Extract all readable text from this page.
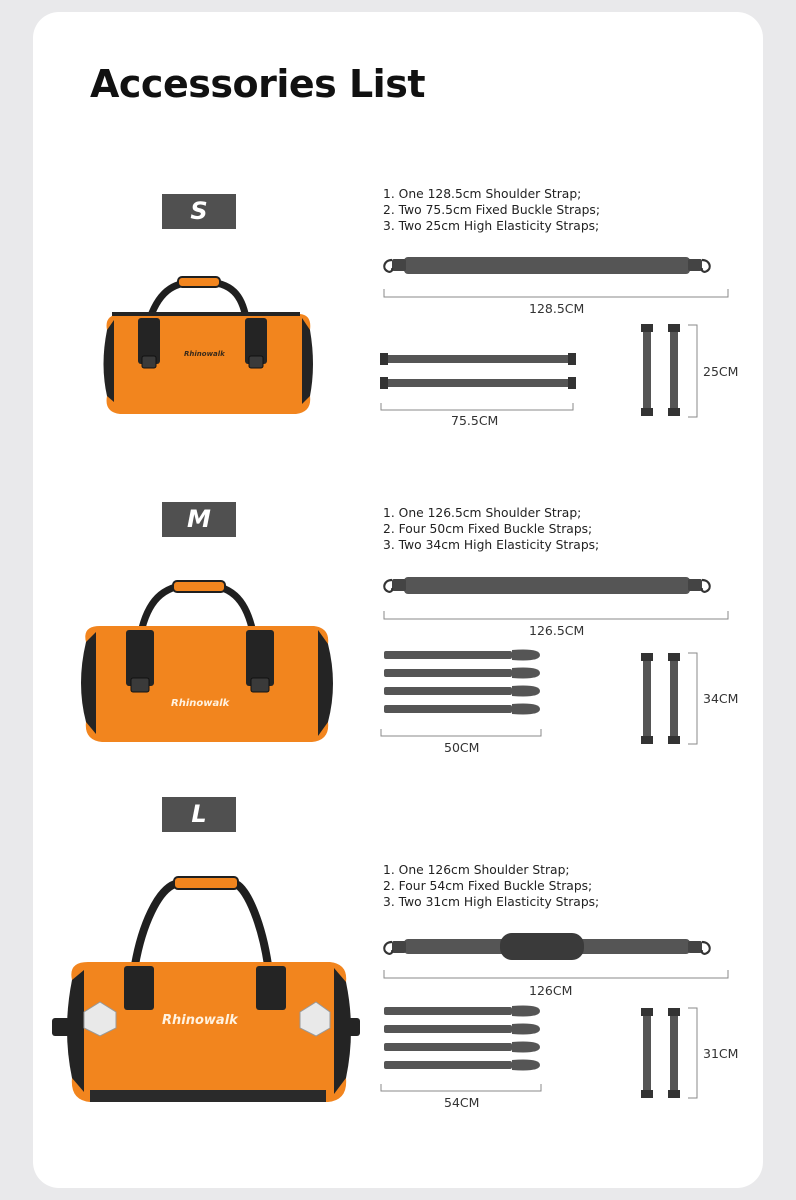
Accessories List
S
M
L
1. One 128.5cm Shoulder Strap;
2. Two 75.5cm Fixed Buckle Straps;
3. Two 25cm High Elasticity Straps;
1. One 126.5cm Shoulder Strap;
2. Four 50cm Fixed Buckle Straps;
3. Two 34cm High Elasticity Straps;
1. One 126cm Shoulder Strap;
2. Four 54cm Fixed Buckle Straps;
3. Two 31cm High Elasticity Straps;
128.5CM
75.5CM
25CM
126.5CM
50CM
34CM
126CM
54CM
31CM
Rhinowalk
Rhinowalk
Rhinowalk
